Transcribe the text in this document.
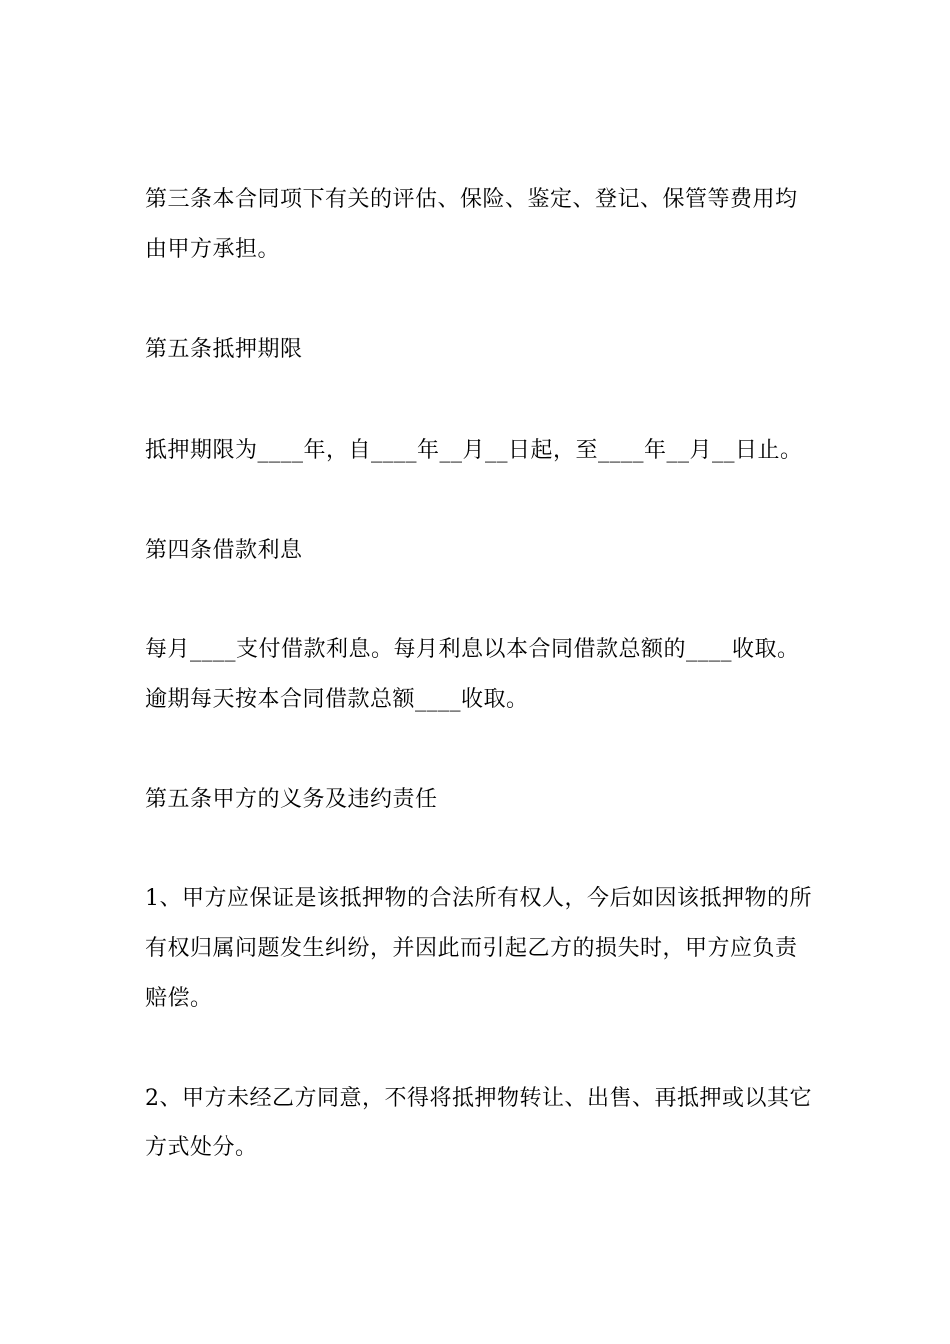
第三条本合同项下有关的评估、保险、鉴定、登记、保管等费用均
由甲方承担。
第五条抵押期限
抵押期限为____年，自____年__月__日起，至____年__月__日止。
第四条借款利息
每月____支付借款利息。每月利息以本合同借款总额的____收取。
逾期每天按本合同借款总额____收取。
第五条甲方的义务及违约责任
1、甲方应保证是该抵押物的合法所有权人，今后如因该抵押物的所
有权归属问题发生纠纷，并因此而引起乙方的损失时，甲方应负责
赔偿。
2、甲方未经乙方同意，不得将抵押物转让、出售、再抵押或以其它
方式处分。
